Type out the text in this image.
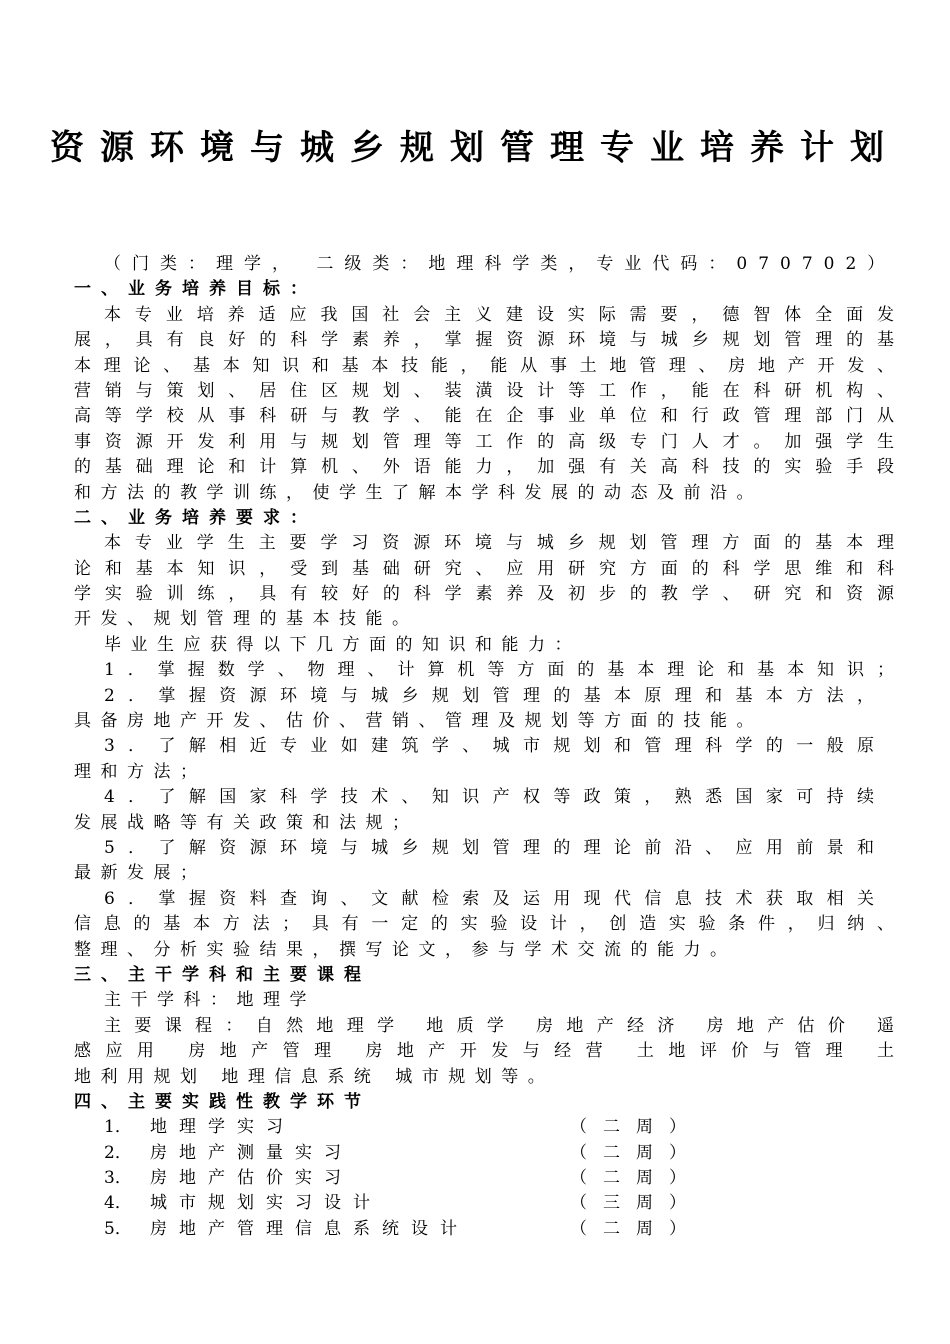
资源环境与城乡规划管理专业培养计划
（门类：理学， 二级类：地理科学类，专业代码：070702）
一、业务培养目标：
本专业培养适应我国社会主义建设实际需要，德智体全面发
展，具有良好的科学素养，掌握资源环境与城乡规划管理的基
本理论、基本知识和基本技能，能从事土地管理、房地产开发、
营销与策划、居住区规划、装潢设计等工作，能在科研机构、
高等学校从事科研与教学、能在企事业单位和行政管理部门从
事资源开发利用与规划管理等工作的高级专门人才。加强学生
的基础理论和计算机、外语能力，加强有关高科技的实验手段
和方法的教学训练，使学生了解本学科发展的动态及前沿。
二、业务培养要求：
本专业学生主要学习资源环境与城乡规划管理方面的基本理
论和基本知识，受到基础研究、应用研究方面的科学思维和科
学实验训练，具有较好的科学素养及初步的教学、研究和资源
开发、规划管理的基本技能。
毕业生应获得以下几方面的知识和能力：
1．掌握数学、物理、计算机等方面的基本理论和基本知识；
2．掌握资源环境与城乡规划管理的基本原理和基本方法，
具备房地产开发、估价、营销、管理及规划等方面的技能。
3．了解相近专业如建筑学、城市规划和管理科学的一般原
理和方法；
4．了解国家科学技术、知识产权等政策，熟悉国家可持续
发展战略等有关政策和法规；
5．了解资源环境与城乡规划管理的理论前沿、应用前景和
最新发展；
6．掌握资料查询、文献检索及运用现代信息技术获取相关
信息的基本方法；具有一定的实验设计，创造实验条件，归纳、
整理、分析实验结果，撰写论文，参与学术交流的能力。
三、主干学科和主要课程
主干学科：地理学
主要课程：自然地理学 地质学 房地产经济 房地产估价 遥
感应用 房地产管理 房地产开发与经营 土地评价与管理 土
地利用规划 地理信息系统 城市规划等。
四、主要实践性教学环节
1． 地理学实习	（二周）
2． 房地产测量实习	（二周）
3． 房地产估价实习	（二周）
4． 城市规划实习设计	（三周）
5． 房地产管理信息系统设计	（二周）
